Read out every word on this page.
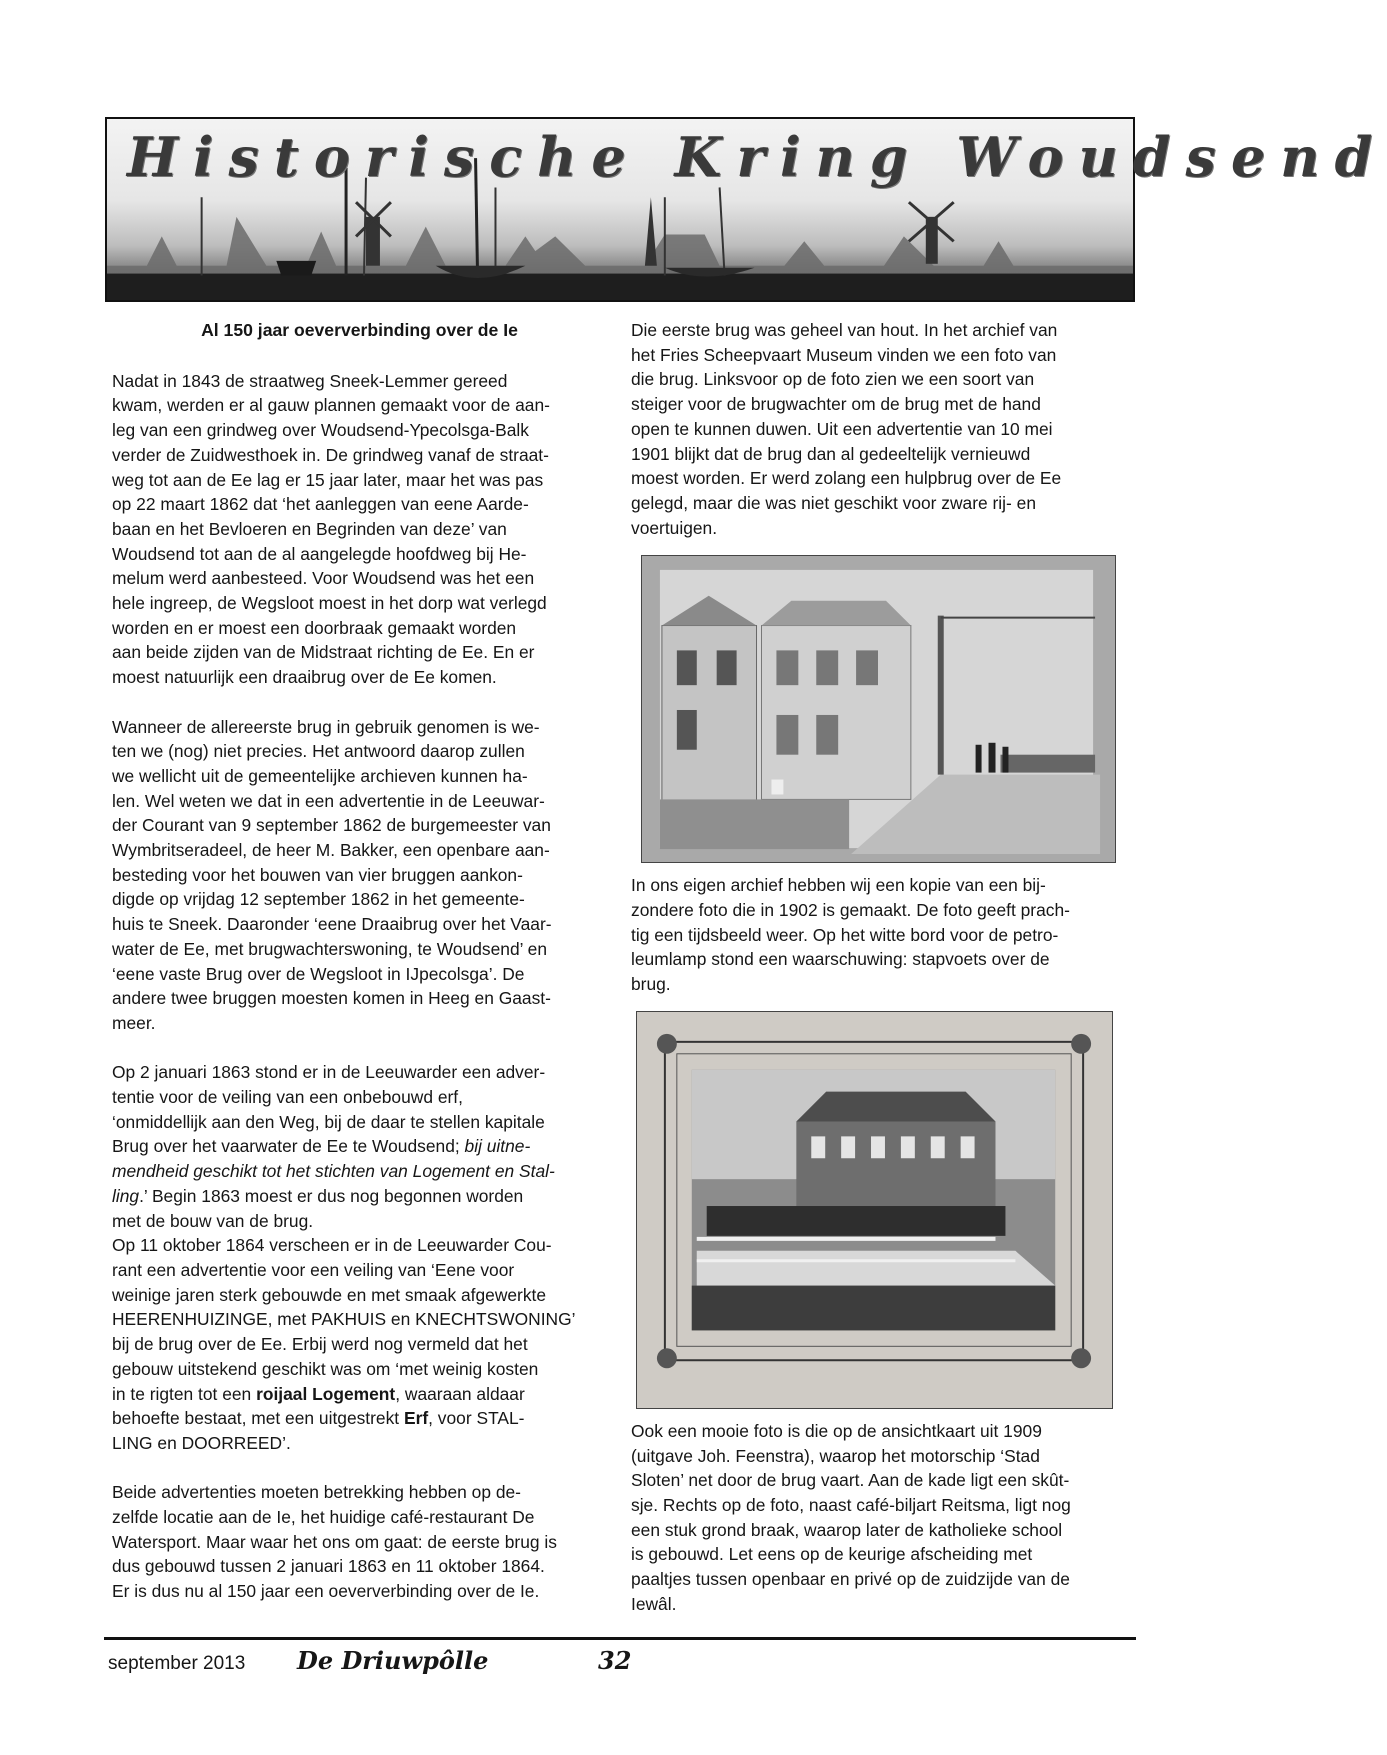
Historische Kring Woudsend
Al 150 jaar oeververbinding over de Ie

Nadat in 1843 de straatweg Sneek-Lemmer gereed
kwam, werden er al gauw plannen gemaakt voor de aan-
leg van een grindweg over Woudsend-Ypecolsga-Balk
verder de Zuidwesthoek in. De grindweg vanaf de straat-
weg tot aan de Ee lag er 15 jaar later, maar het was pas
op 22 maart 1862 dat ‘het aanleggen van eene Aarde-
baan en het Bevloeren en Begrinden van deze’ van
Woudsend tot aan de al aangelegde hoofdweg bij He-
melum werd aanbesteed. Voor Woudsend was het een
hele ingreep, de Wegsloot moest in het dorp wat verlegd
worden en er moest een doorbraak gemaakt worden
aan beide zijden van de Midstraat richting de Ee. En er
moest natuurlijk een draaibrug over de Ee komen.

Wanneer de allereerste brug in gebruik genomen is we-
ten we (nog) niet precies. Het antwoord daarop zullen
we wellicht uit de gemeentelijke archieven kunnen ha-
len. Wel weten we dat in een advertentie in de Leeuwar-
der Courant van 9 september 1862 de burgemeester van
Wymbritseradeel, de heer M. Bakker, een openbare aan-
besteding voor het bouwen van vier bruggen aankon-
digde op vrijdag 12 september 1862 in het gemeente-
huis te Sneek. Daaronder ‘eene Draaibrug over het Vaar-
water de Ee, met brugwachterswoning, te Woudsend’ en
‘eene vaste Brug over de Wegsloot in IJpecolsga’. De
andere twee bruggen moesten komen in Heeg en Gaast-
meer.

Op 2 januari 1863 stond er in de Leeuwarder een adver-
tentie voor de veiling van een onbebouwd erf,
‘onmiddellijk aan den Weg, bij de daar te stellen kapitale
Brug over het vaarwater de Ee te Woudsend; bij uitne-
mendheid geschikt tot het stichten van Logement en Stal-
ling.’ Begin 1863 moest er dus nog begonnen worden
met de bouw van de brug.
Op 11 oktober 1864 verscheen er in de Leeuwarder Cou-
rant een advertentie voor een veiling van ‘Eene voor
weinige jaren sterk gebouwde en met smaak afgewerkte
HEERENHUIZINGE, met PAKHUIS en KNECHTSWONING’
bij de brug over de Ee. Erbij werd nog vermeld dat het
gebouw uitstekend geschikt was om ‘met weinig kosten
in te rigten tot een roijaal Logement, waaraan aldaar
behoefte bestaat, met een uitgestrekt Erf, voor STAL-
LING en DOORREED’.

Beide advertenties moeten betrekking hebben op de-
zelfde locatie aan de Ie, het huidige café-restaurant De
Watersport. Maar waar het ons om gaat: de eerste brug is
dus gebouwd tussen 2 januari 1863 en 11 oktober 1864.
Er is dus nu al 150 jaar een oeververbinding over de Ie.

Die eerste brug was geheel van hout. In het archief van
het Fries Scheepvaart Museum vinden we een foto van
die brug. Linksvoor op de foto zien we een soort van
steiger voor de brugwachter om de brug met de hand
open te kunnen duwen. Uit een advertentie van 10 mei
1901 blijkt dat de brug dan al gedeeltelijk vernieuwd
moest worden. Er werd zolang een hulpbrug over de Ee
gelegd, maar die was niet geschikt voor zware rij- en
voertuigen.

In ons eigen archief hebben wij een kopie van een bij-
zondere foto die in 1902 is gemaakt. De foto geeft prach-
tig een tijdsbeeld weer. Op het witte bord voor de petro-
leumlamp stond een waarschuwing: stapvoets over de
brug.

Ook een mooie foto is die op de ansichtkaart uit 1909
(uitgave Joh. Feenstra), waarop het motorschip ‘Stad
Sloten’ net door de brug vaart. Aan de kade ligt een skût-
sje. Rechts op de foto, naast café-biljart Reitsma, ligt nog
een stuk grond braak, waarop later de katholieke school
is gebouwd. Let eens op de keurige afscheiding met
paaltjes tussen openbaar en privé op de zuidzijde van de
Iewâl.

september 2013 De Driuwpôlle	32
